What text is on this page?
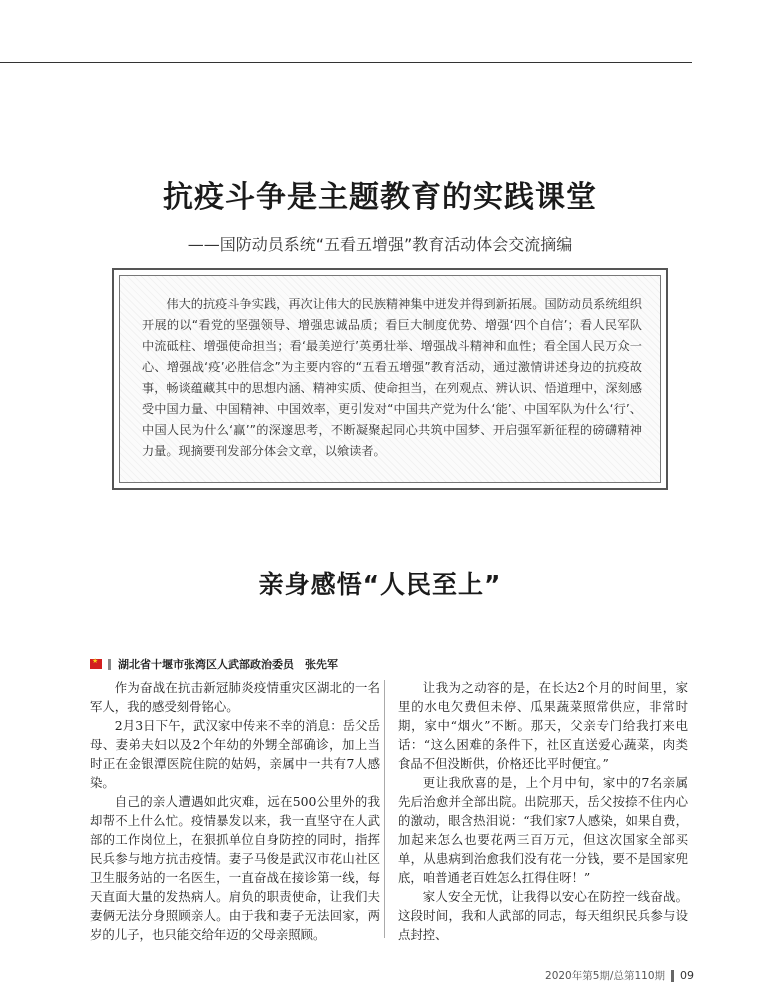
抗疫斗争是主题教育的实践课堂
——国防动员系统“五看五增强”教育活动体会交流摘编
伟大的抗疫斗争实践，再次让伟大的民族精神集中迸发并得到新拓展。国防动员系统组织开展的以“看党的坚强领导、增强忠诚品质；看巨大制度优势、增强‘四个自信’；看人民军队中流砥柱、增强使命担当；看‘最美逆行’英勇壮举、增强战斗精神和血性；看全国人民万众一心、增强战‘疫’必胜信念”为主要内容的“五看五增强”教育活动，通过激情讲述身边的抗疫故事，畅谈蕴藏其中的思想内涵、精神实质、使命担当，在列观点、辨认识、悟道理中，深刻感受中国力量、中国精神、中国效率，更引发对“中国共产党为什么‘能’、中国军队为什么‘行’、中国人民为什么‘赢’”的深邃思考，不断凝聚起同心共筑中国梦、开启强军新征程的磅礴精神力量。现摘要刊发部分体会文章，以飨读者。
亲身感悟“人民至上”
★
湖北省十堰市张湾区人武部政治委员　张先军

作为奋战在抗击新冠肺炎疫情重灾区湖北的一名军人，我的感受刻骨铭心。

2月3日下午，武汉家中传来不幸的消息：岳父岳母、妻弟夫妇以及2个年幼的外甥全部确诊，加上当时正在金银潭医院住院的姑妈，亲属中一共有7人感染。

自己的亲人遭遇如此灾难，远在500公里外的我却帮不上什么忙。疫情暴发以来，我一直坚守在人武部的工作岗位上，在狠抓单位自身防控的同时，指挥民兵参与地方抗击疫情。妻子马俊是武汉市花山社区卫生服务站的一名医生，一直奋战在接诊第一线，每天直面大量的发热病人。肩负的职责使命，让我们夫妻俩无法分身照顾亲人。由于我和妻子无法回家，两岁的儿子，也只能交给年迈的父母亲照顾。

让我为之动容的是，在长达2个月的时间里，家里的水电欠费但未停、瓜果蔬菜照常供应，非常时期，家中“烟火”不断。那天，父亲专门给我打来电话：“这么困难的条件下，社区直送爱心蔬菜，肉类食品不但没断供，价格还比平时便宜。”

更让我欣喜的是，上个月中旬，家中的7名亲属先后治愈并全部出院。出院那天，岳父按捺不住内心的激动，眼含热泪说：“我们家7人感染，如果自费，加起来怎么也要花两三百万元，但这次国家全部买单，从患病到治愈我们没有花一分钱，要不是国家兜底，咱普通老百姓怎么扛得住呀！”

家人安全无忧，让我得以安心在防控一线奋战。这段时间，我和人武部的同志，每天组织民兵参与设点封控、

2020年第5期/总第110期 09
